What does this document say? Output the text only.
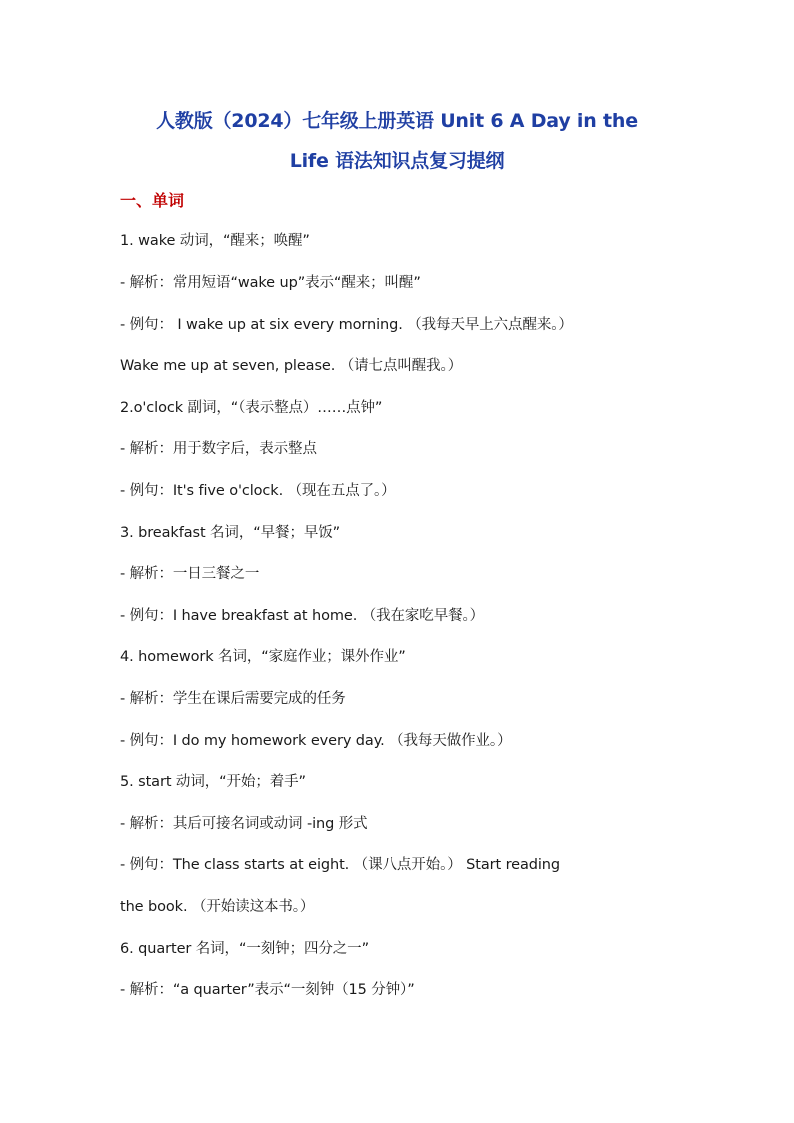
人教版（2024）七年级上册英语 Unit 6 A Day in the
Life 语法知识点复习提纲
一、单词
1. wake 动词，“醒来；唤醒”
- 解析：常用短语“wake up”表示“醒来；叫醒”
- 例句： I wake up at six every morning. （我每天早上六点醒来。）
Wake me up at seven, please. （请七点叫醒我。）
2.o'clock 副词，“（表示整点）……点钟”
- 解析：用于数字后，表示整点
- 例句：It's five o'clock. （现在五点了。）
3. breakfast 名词，“早餐；早饭”
- 解析：一日三餐之一
- 例句：I have breakfast at home. （我在家吃早餐。）
4. homework 名词，“家庭作业；课外作业”
- 解析：学生在课后需要完成的任务
- 例句：I do my homework every day. （我每天做作业。）
5. start 动词，“开始；着手”
- 解析：其后可接名词或动词 -ing 形式
- 例句：The class starts at eight. （课八点开始。） Start reading
the book. （开始读这本书。）
6. quarter 名词，“一刻钟；四分之一”
- 解析：“a quarter”表示“一刻钟（15 分钟）”
